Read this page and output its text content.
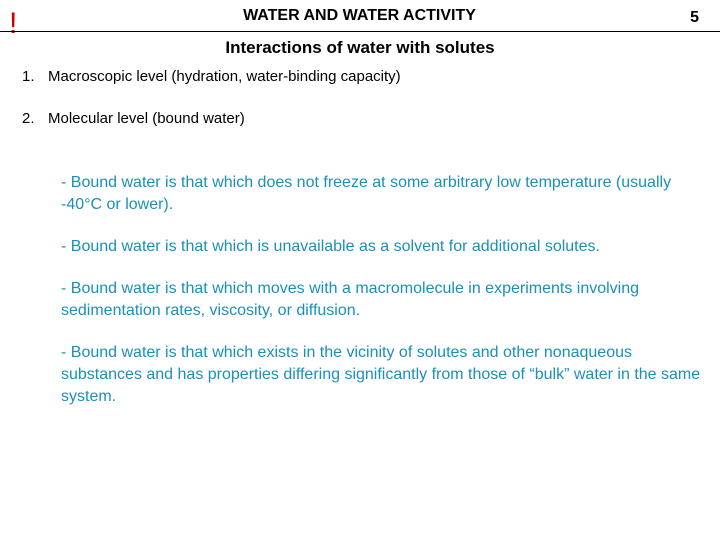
!	WATER AND WATER ACTIVITY	5
Interactions of water with solutes
1. Macroscopic level (hydration, water-binding capacity)
2. Molecular level (bound water)

- Bound water is that which does not freeze at some arbitrary low temperature (usually -40°C or lower).

- Bound water is that which is unavailable as a solvent for additional solutes.

- Bound water is that which moves with a macromolecule in experiments involving sedimentation rates, viscosity, or diffusion.

- Bound water is that which exists in the vicinity of solutes and other nonaqueous substances and has properties differing significantly from those of “bulk” water in the same system.
